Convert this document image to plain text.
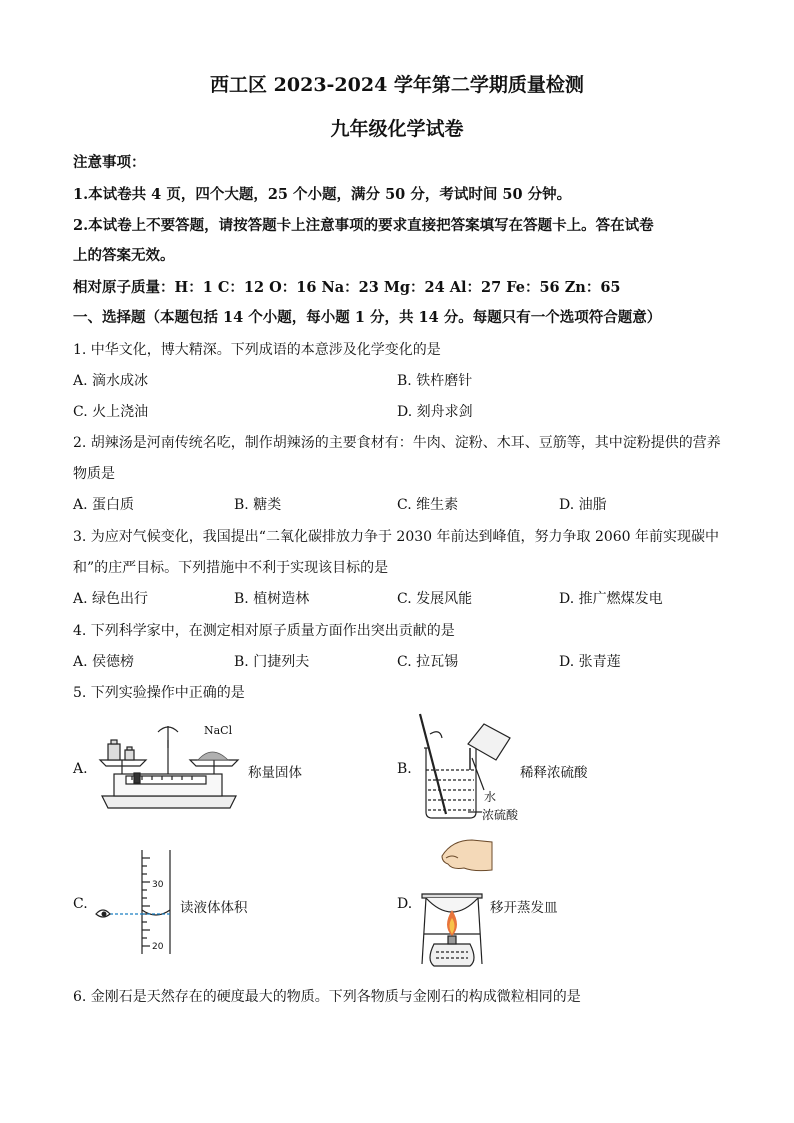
西工区 2023-2024 学年第二学期质量检测
九年级化学试卷
注意事项：
1.本试卷共 4 页，四个大题，25 个小题，满分 50 分，考试时间 50 分钟。
2.本试卷上不要答题，请按答题卡上注意事项的要求直接把答案填写在答题卡上。答在试卷
上的答案无效。
相对原子质量：H：1 C：12 O：16 Na：23 Mg：24 Al：27 Fe：56 Zn：65
一、选择题（本题包括 14 个小题，每小题 1 分，共 14 分。每题只有一个选项符合题意）
1. 中华文化，博大精深。下列成语的本意涉及化学变化的是
A. 滴水成冰	B. 铁杵磨针
C. 火上浇油	D. 刻舟求剑
2. 胡辣汤是河南传统名吃，制作胡辣汤的主要食材有：牛肉、淀粉、木耳、豆筋等，其中淀粉提供的营养
物质是
A. 蛋白质	B. 糖类	C. 维生素	D. 油脂
3. 为应对气候变化，我国提出“二氧化碳排放力争于 2030 年前达到峰值，努力争取 2060 年前实现碳中
和”的庄严目标。下列措施中不利于实现该目标的是
A. 绿色出行	B. 植树造林	C. 发展风能	D. 推广燃煤发电
4. 下列科学家中，在测定相对原子质量方面作出突出贡献的是
A. 侯德榜	B. 门捷列夫	C. 拉瓦锡	D. 张青莲
5. 下列实验操作中正确的是
A.
NaCl
称量固体	B.	稀释浓硫酸
水
浓硫酸
C.
30
20
读液体体积	D.	移开蒸发皿
6. 金刚石是天然存在的硬度最大的物质。下列各物质与金刚石的构成微粒相同的是
